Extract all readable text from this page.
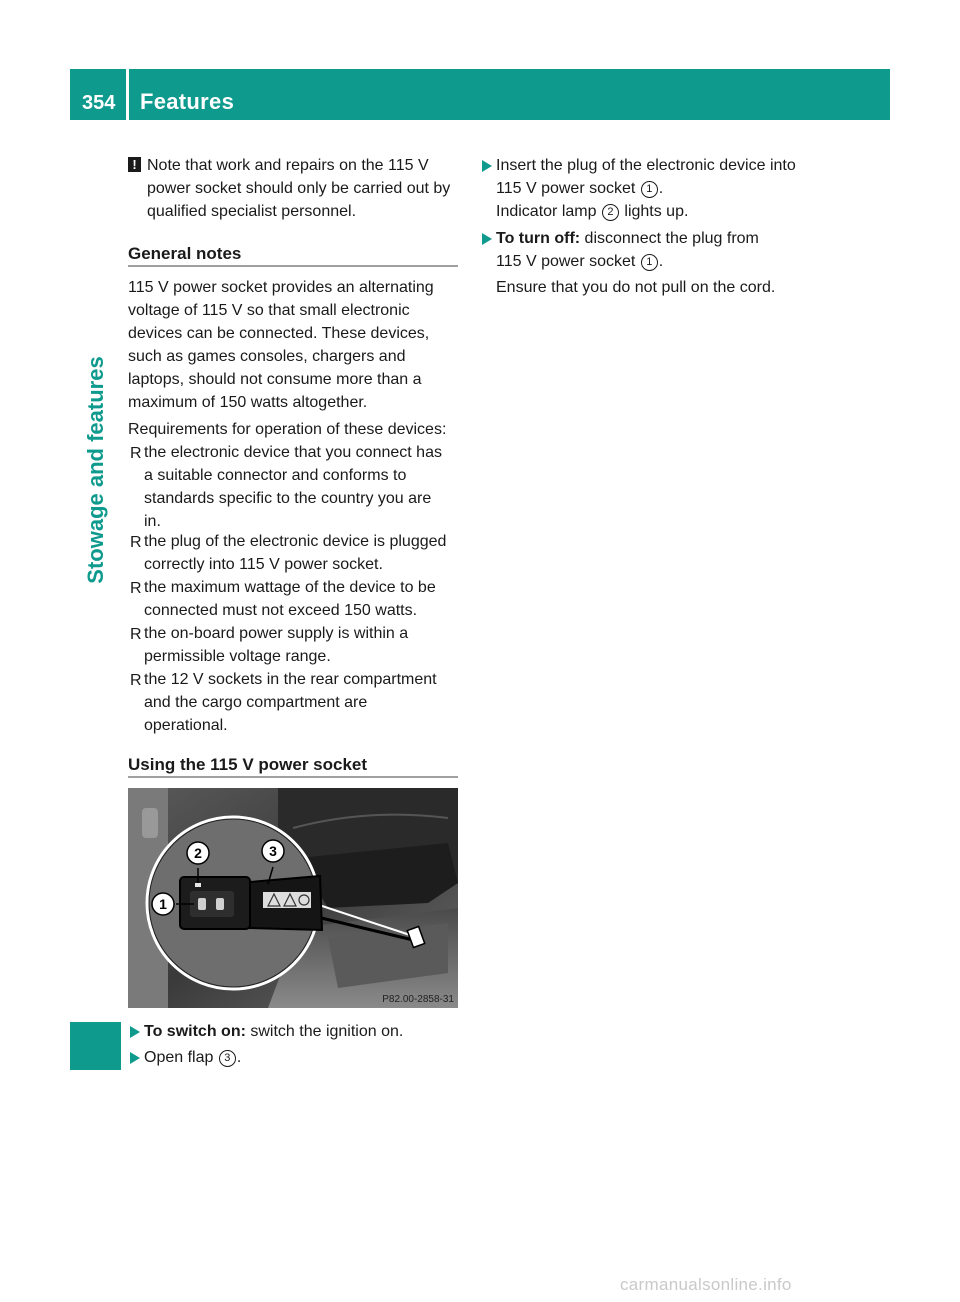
354 Features
Stowage and features
! Note that work and repairs on the 115 V
power socket should only be carried out by
qualified specialist personnel.
General notes
115 V power socket provides an alternating
voltage of 115 V so that small electronic
devices can be connected. These devices,
such as games consoles, chargers and
laptops, should not consume more than a
maximum of 150 watts altogether.
Requirements for operation of these devices:
R the electronic device that you connect has
a suitable connector and conforms to
standards specific to the country you are
in.
R the plug of the electronic device is plugged
correctly into 115 V power socket.
R the maximum wattage of the device to be
connected must not exceed 150 watts.
R the on-board power supply is within a
permissible voltage range.
R the 12 V sockets in the rear compartment
and the cargo compartment are
operational.
Using the 115 V power socket
1
2	3
P82.00-2858-31
To switch on: switch the ignition on.
Open flap 3 .
Insert the plug of the electronic device into
115 V power socket 1 .
Indicator lamp 2 lights up.
To turn off: disconnect the plug from
115 V power socket 1 .
Ensure that you do not pull on the cord.
carmanualsonline.info
